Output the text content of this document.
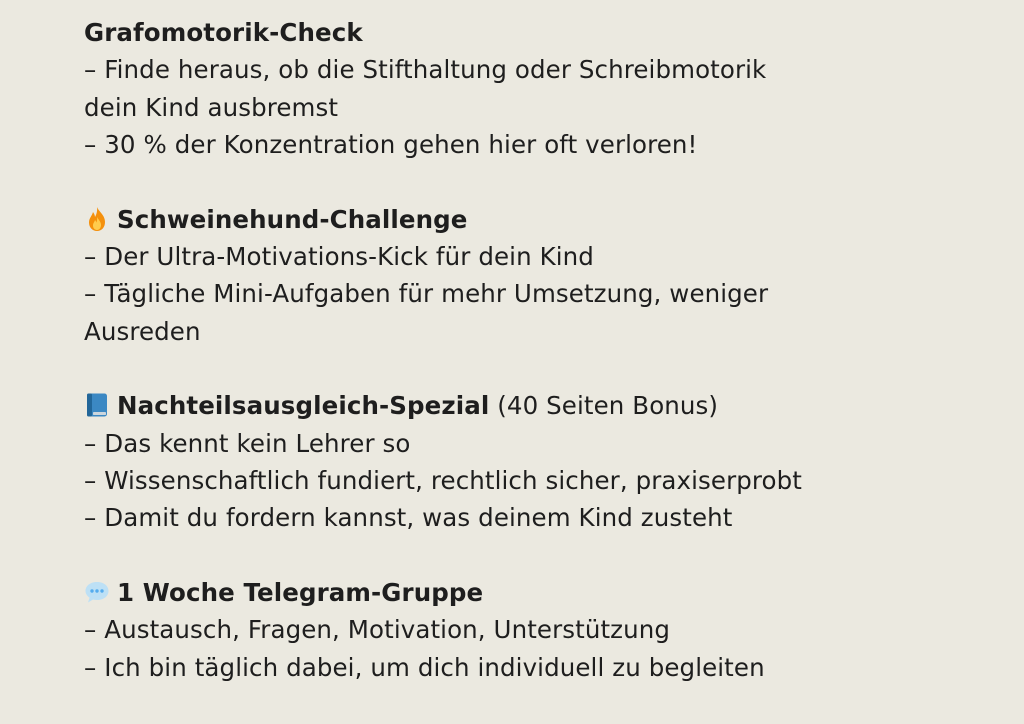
Grafomotorik-Check
– Finde heraus, ob die Stifthaltung oder Schreibmotorik
dein Kind ausbremst
– 30 % der Konzentration gehen hier oft verloren!
Schweinehund-Challenge
– Der Ultra-Motivations-Kick für dein Kind
– Tägliche Mini-Aufgaben für mehr Umsetzung, weniger
Ausreden
Nachteilsausgleich-Spezial (40 Seiten Bonus)
– Das kennt kein Lehrer so
– Wissenschaftlich fundiert, rechtlich sicher, praxiserprobt
– Damit du fordern kannst, was deinem Kind zusteht
1 Woche Telegram-Gruppe
– Austausch, Fragen, Motivation, Unterstützung
– Ich bin täglich dabei, um dich individuell zu begleiten
